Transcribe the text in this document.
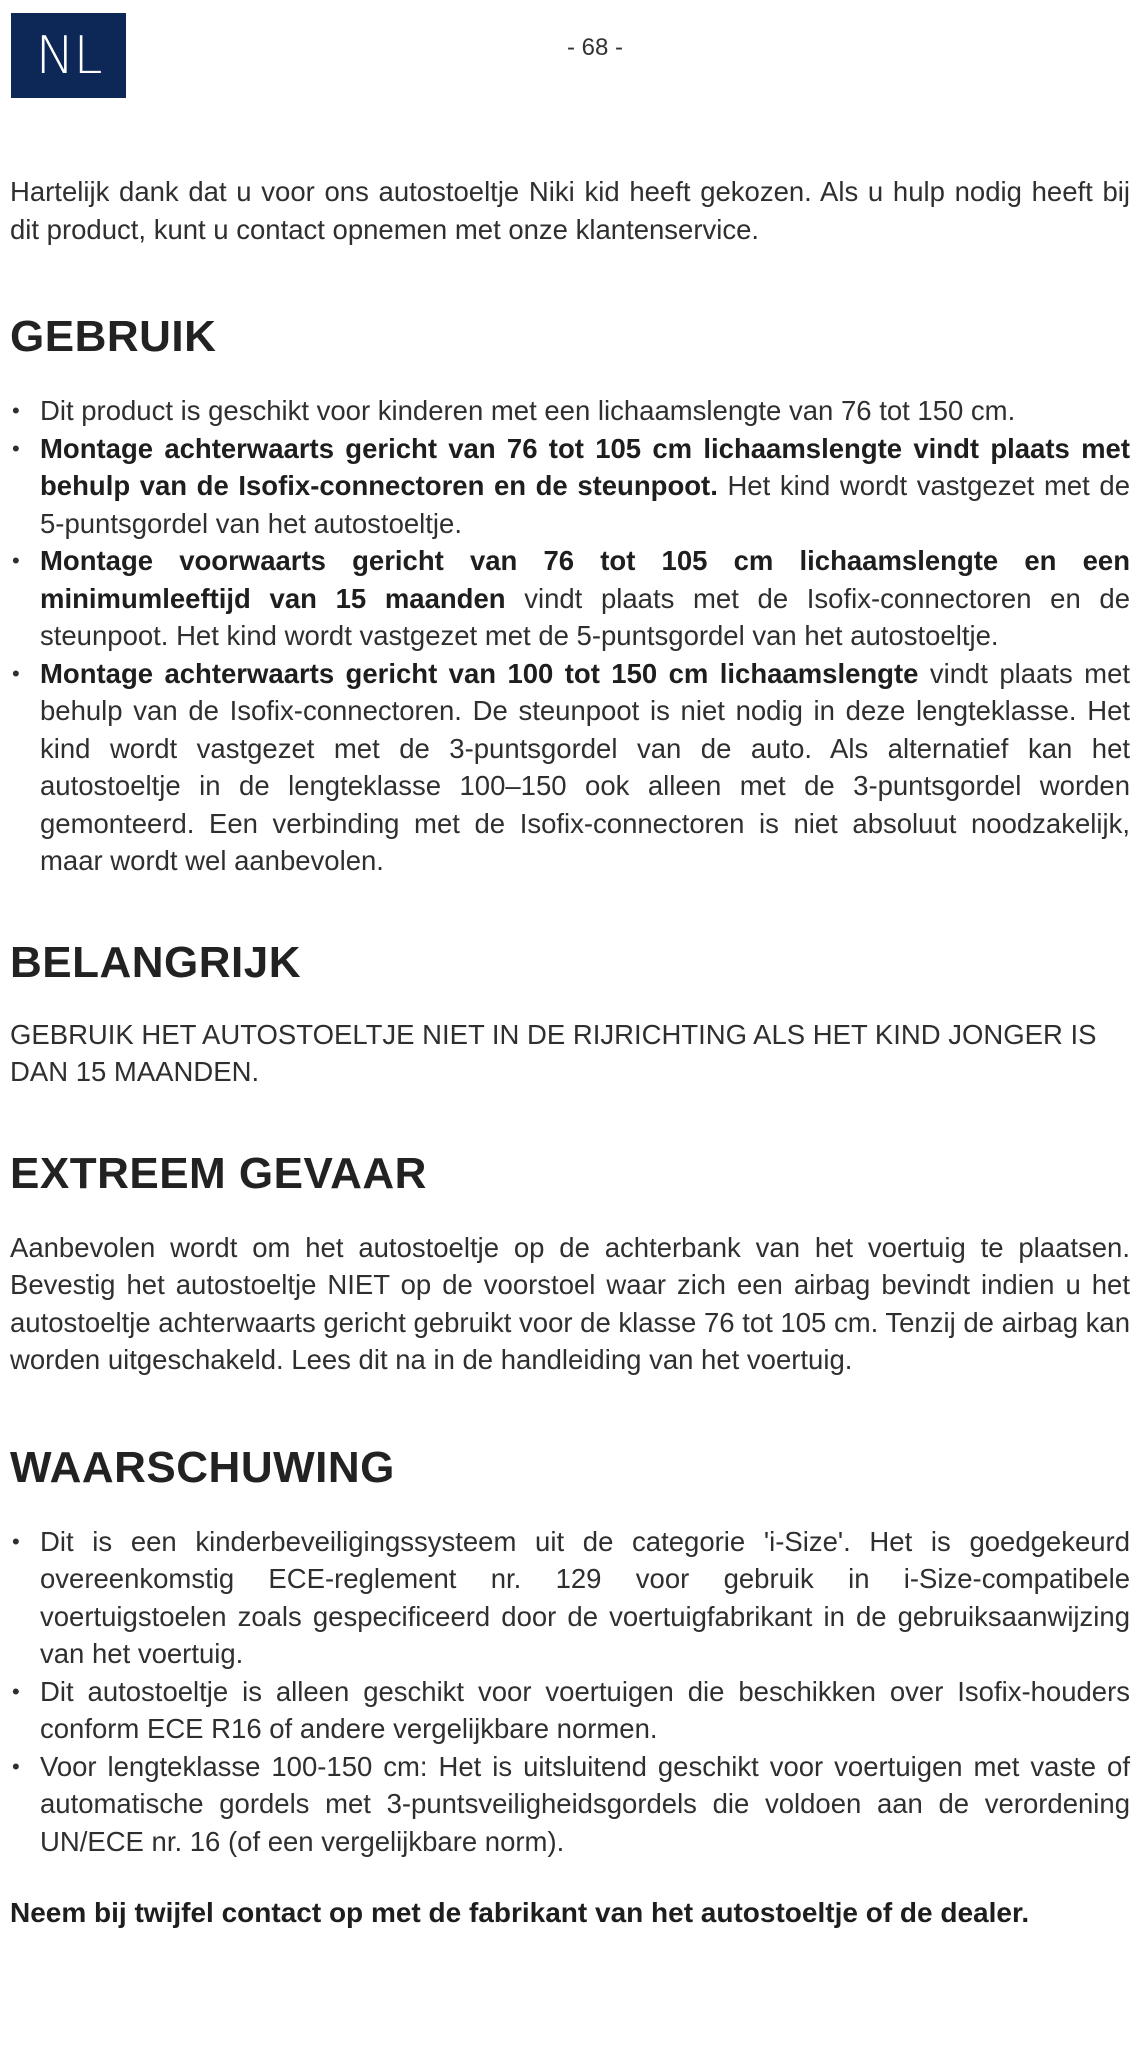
NL	- 68 -

Hartelijk dank dat u voor ons autostoeltje Niki kid heeft gekozen. Als u hulp nodig heeft bij dit product, kunt u contact opnemen met onze klantenservice.

GEBRUIK
• Dit product is geschikt voor kinderen met een lichaamslengte van 76 tot 150 cm.
• Montage achterwaarts gericht van 76 tot 105 cm lichaamslengte vindt plaats met behulp van de Isofix-connectoren en de steunpoot. Het kind wordt vastgezet met de 5-puntsgordel van het autostoeltje.
• Montage voorwaarts gericht van 76 tot 105 cm lichaamslengte en een minimumleeftijd van 15 maanden vindt plaats met de Isofix-connectoren en de steunpoot. Het kind wordt vastgezet met de 5-puntsgordel van het autostoeltje.
• Montage achterwaarts gericht van 100 tot 150 cm lichaamslengte vindt plaats met behulp van de Isofix-connectoren. De steunpoot is niet nodig in deze lengteklasse. Het kind wordt vastgezet met de 3-puntsgordel van de auto. Als alternatief kan het autostoeltje in de lengteklasse 100–150 ook alleen met de 3-puntsgordel worden gemonteerd. Een verbinding met de Isofix-connectoren is niet absoluut noodzakelijk, maar wordt wel aanbevolen.
BELANGRIJK

GEBRUIK HET AUTOSTOELTJE NIET IN DE RIJRICHTING ALS HET KIND JONGER IS DAN 15 MAANDEN.

EXTREEM GEVAAR

Aanbevolen wordt om het autostoeltje op de achterbank van het voertuig te plaatsen. Bevestig het autostoeltje NIET op de voorstoel waar zich een airbag bevindt indien u het autostoeltje achterwaarts gericht gebruikt voor de klasse 76 tot 105 cm. Tenzij de airbag kan worden uitgeschakeld. Lees dit na in de handleiding van het voertuig.

WAARSCHUWING
• Dit is een kinderbeveiligingssysteem uit de categorie 'i-Size'. Het is goedgekeurd overeenkomstig ECE-reglement nr. 129 voor gebruik in i-Size-compatibele voertuigstoelen zoals gespecificeerd door de voertuigfabrikant in de gebruiksaanwijzing van het voertuig.
• Dit autostoeltje is alleen geschikt voor voertuigen die beschikken over Isofix-houders conform ECE R16 of andere vergelijkbare normen.
• Voor lengteklasse 100-150 cm: Het is uitsluitend geschikt voor voertuigen met vaste of automatische gordels met 3-puntsveiligheidsgordels die voldoen aan de verordening UN/ECE nr. 16 (of een vergelijkbare norm).

Neem bij twijfel contact op met de fabrikant van het autostoeltje of de dealer.
